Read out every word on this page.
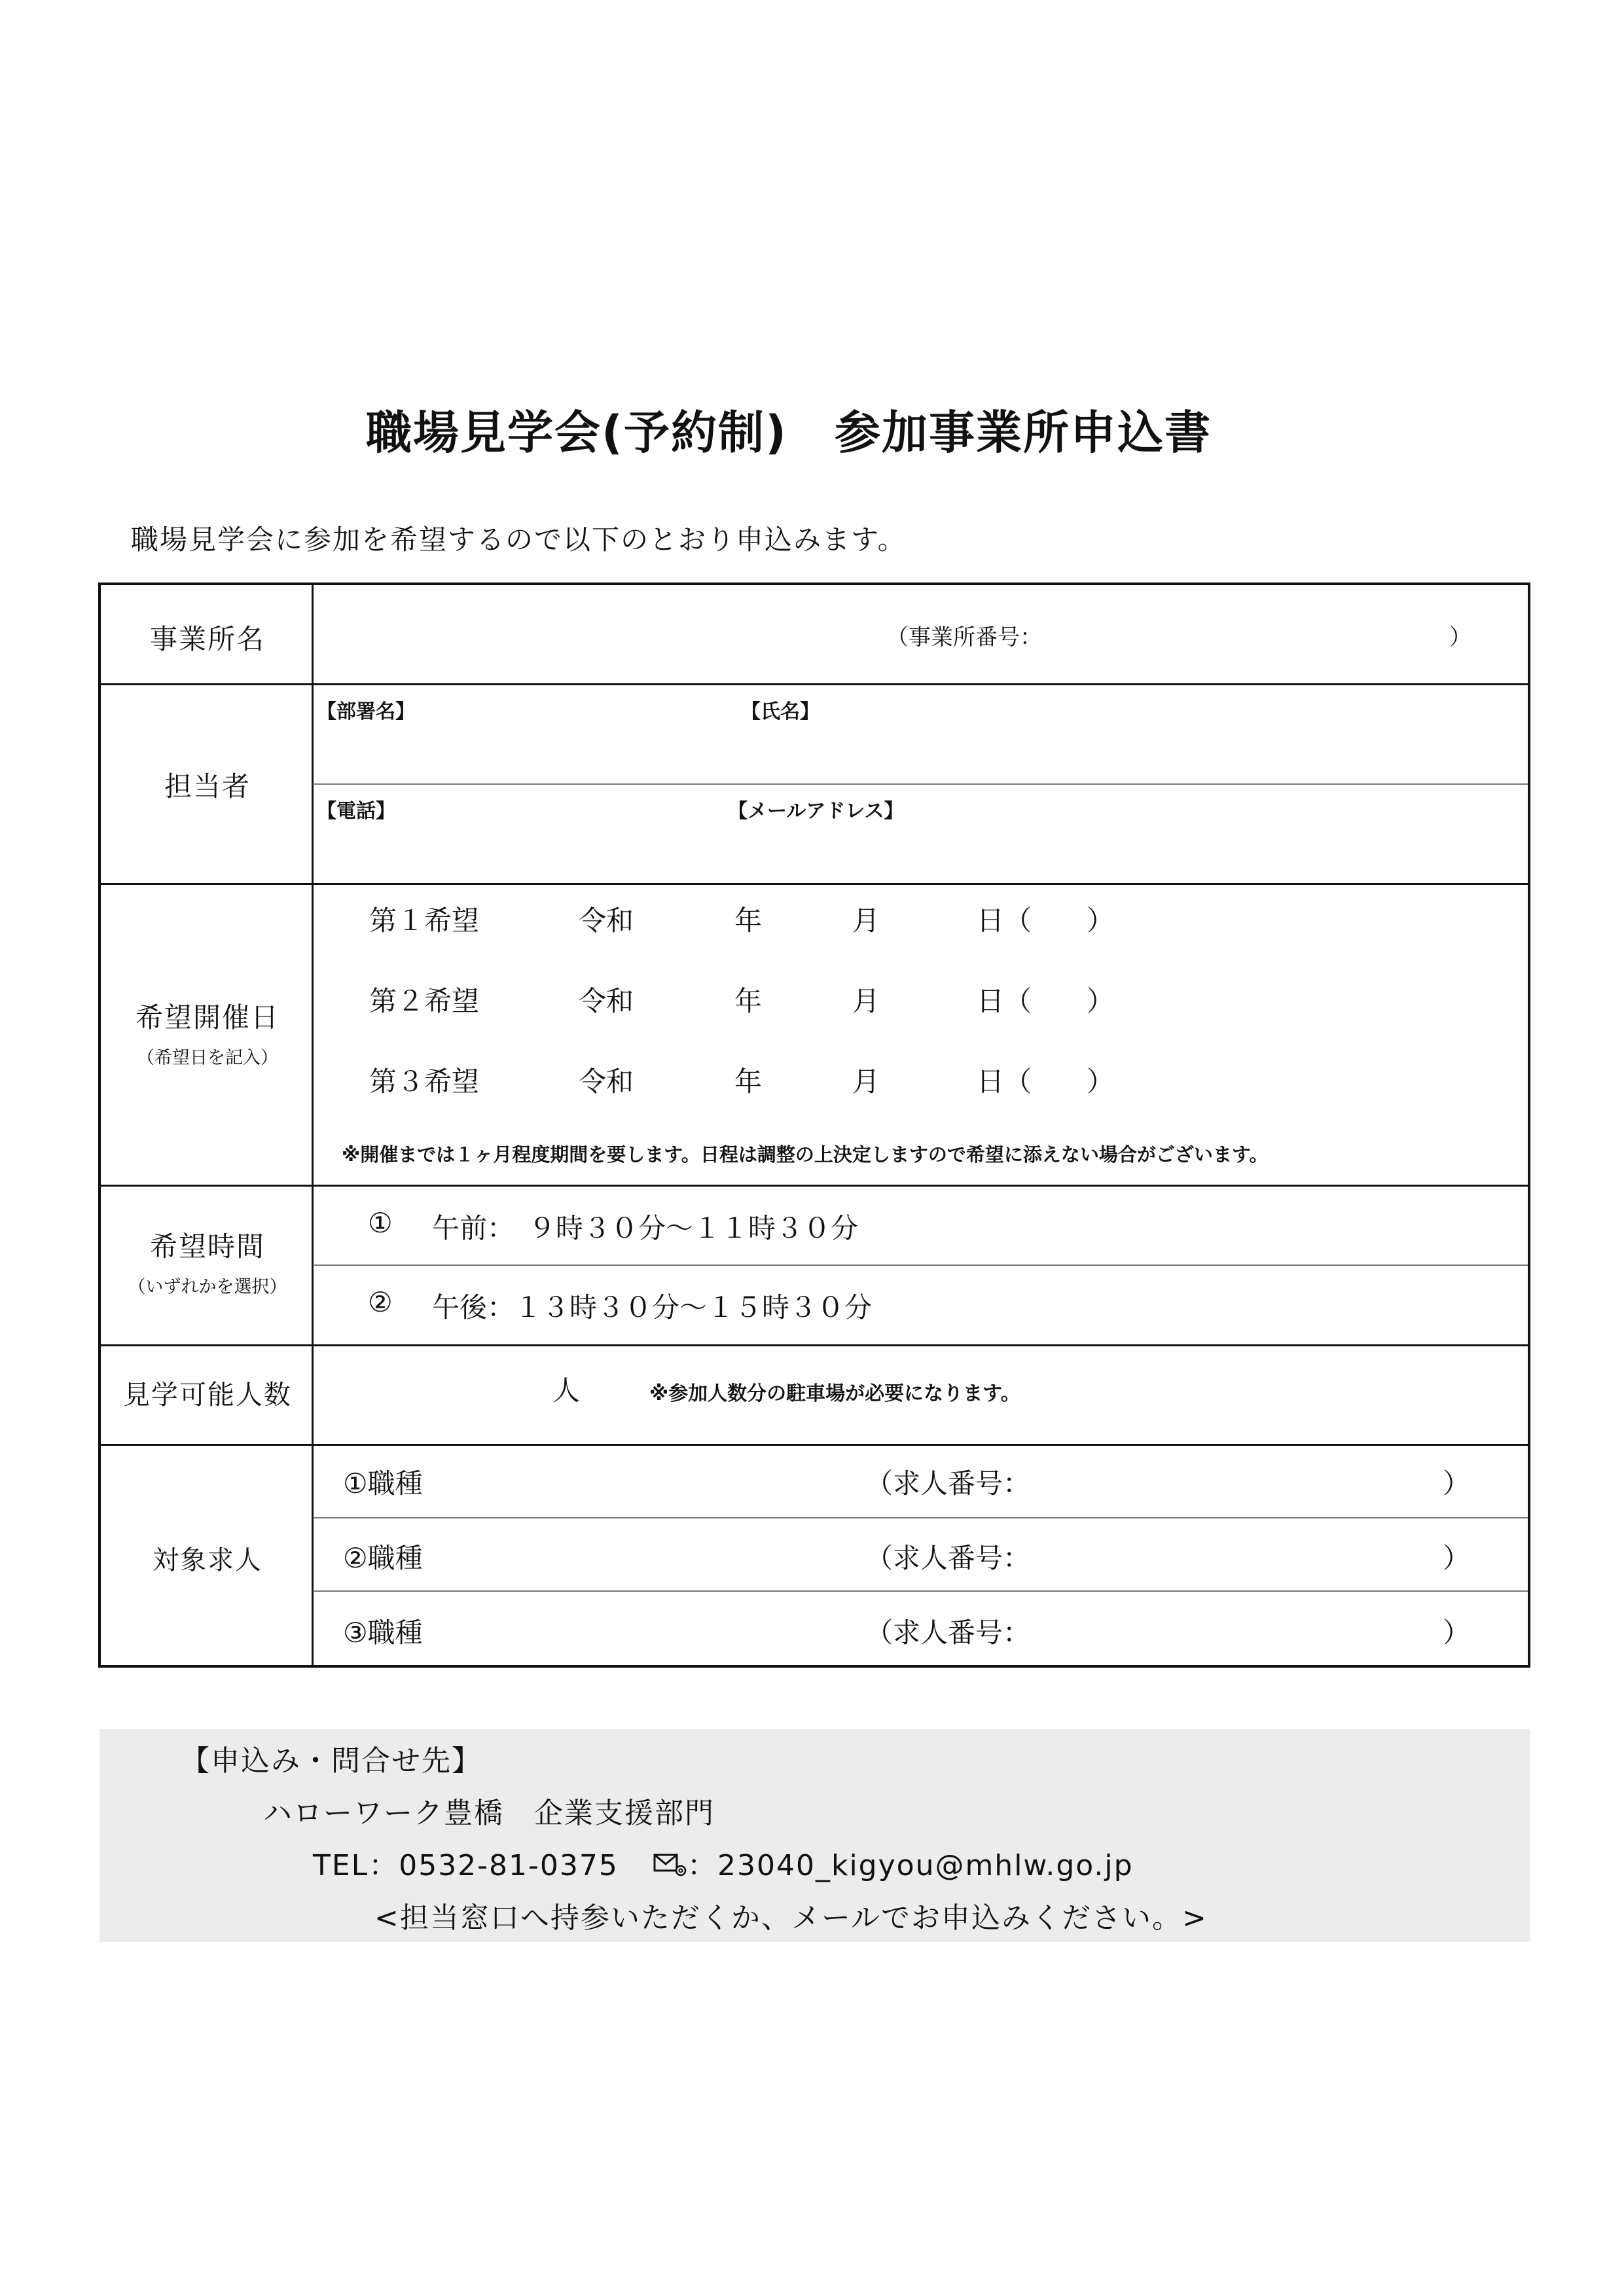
職場見学会(予約制)　参加事業所申込書
職場見学会に参加を希望するので以下のとおり申込みます。
事業所名	（事業所番号：	）
担当者
【部署名】	【氏名】
【電話】	【メールアドレス】
希望開催日
（希望日を記入）
第１希望	令和	年	月	日（　　）
第２希望	令和	年	月	日（　　）
第３希望	令和	年	月	日（　　）
※開催までは１ヶ月程度期間を要します。日程は調整の上決定しますので希望に添えない場合がございます。
希望時間
（いずれかを選択）
① 午前：　９時３０分～１１時３０分
② 午後：１３時３０分～１５時３０分
見学可能人数	人	※参加人数分の駐車場が必要になります。
対象求人
①職種	（求人番号：	）
②職種	（求人番号：	）
③職種	（求人番号：	）
【申込み・問合せ先】
ハローワーク豊橋　企業支援部門
TEL：0532-81-0375	：23040_kigyou@mhlw.go.jp
<担当窓口へ持参いただくか、メールでお申込みください。>
